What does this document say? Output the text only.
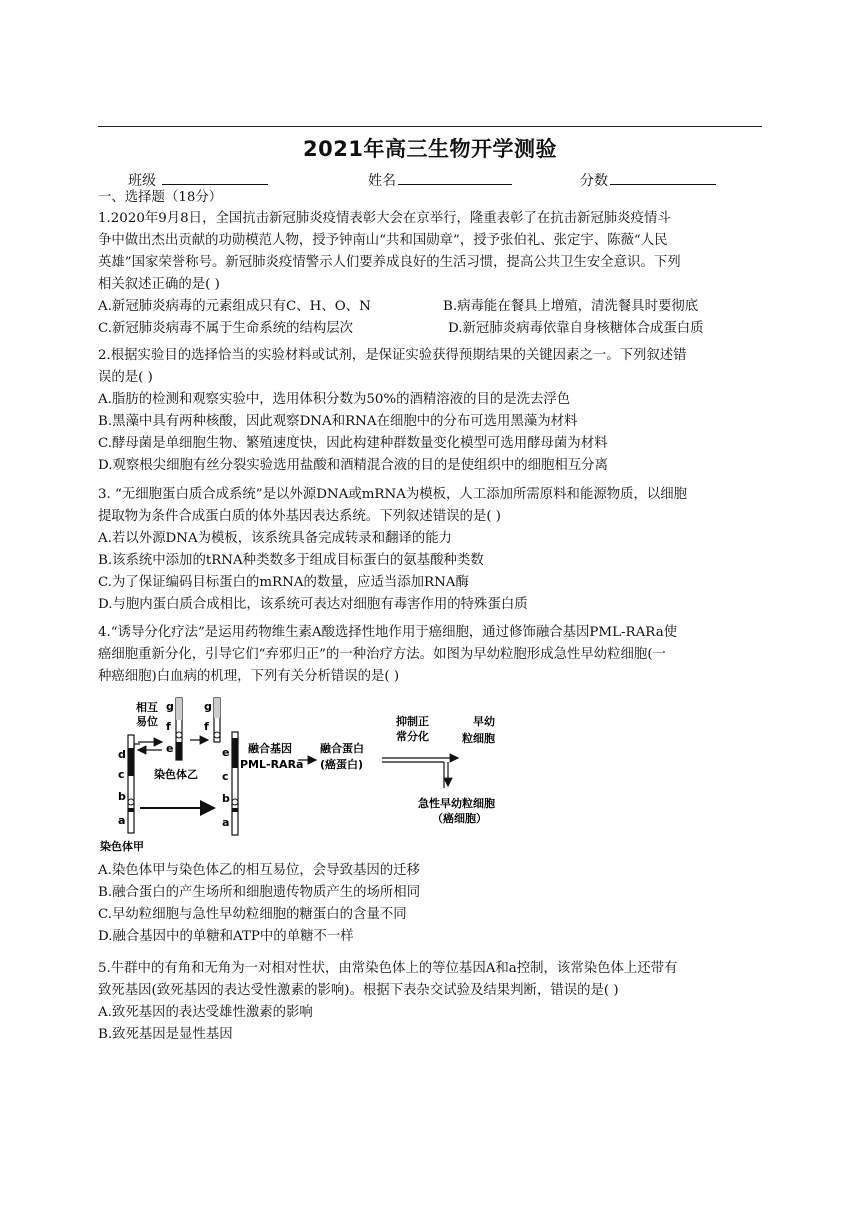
2021年高三生物开学测验
班级	姓名	分数
一、选择题（18分）
1.2020年9月8日，全国抗击新冠肺炎疫情表彰大会在京举行，隆重表彰了在抗击新冠肺炎疫情斗
争中做出杰出贡献的功勋模范人物，授予钟南山“共和国勋章”，授予张伯礼、张定宇、陈薇“人民
英雄”国家荣誉称号。新冠肺炎疫情警示人们要养成良好的生活习惯，提高公共卫生安全意识。下列
相关叙述正确的是( )
A.新冠肺炎病毒的元素组成只有C、H、O、N	B.病毒能在餐具上增殖，清洗餐具时要彻底
C.新冠肺炎病毒不属于生命系统的结构层次	D.新冠肺炎病毒依靠自身核糖体合成蛋白质
2.根据实验目的选择恰当的实验材料或试剂，是保证实验获得预期结果的关键因素之一。下列叙述错
误的是( )
A.脂肪的检测和观察实验中，选用体积分数为50%的酒精溶液的目的是洗去浮色
B.黑藻中具有两种核酸，因此观察DNA和RNA在细胞中的分布可选用黑藻为材料
C.酵母菌是单细胞生物、繁殖速度快，因此构建种群数量变化模型可选用酵母菌为材料
D.观察根尖细胞有丝分裂实验选用盐酸和酒精混合液的目的是使组织中的细胞相互分离
3. “无细胞蛋白质合成系统”是以外源DNA或mRNA为模板，人工添加所需原料和能源物质，以细胞
提取物为条件合成蛋白质的体外基因表达系统。下列叙述错误的是( )
A.若以外源DNA为模板，该系统具备完成转录和翻译的能力
B.该系统中添加的tRNA种类数多于组成目标蛋白的氨基酸种类数
C.为了保证编码目标蛋白的mRNA的数量，应适当添加RNA酶
D.与胞内蛋白质合成相比，该系统可表达对细胞有毒害作用的特殊蛋白质
4.“诱导分化疗法”是运用药物维生素A酸选择性地作用于癌细胞，通过修饰融合基因PML-RARa使
癌细胞重新分化，引导它们“弃邪归正”的一种治疗方法。如图为早幼粒胞形成急性早幼粒细胞(一
种癌细胞)白血病的机理，下列有关分析错误的是( )
d
c
b
a
染色体甲
相互
易位
g
f
e
染色体乙
g
f
e
c
b
a
融合基因
PML-RARa
融合蛋白
(癌蛋白)
抑制正
常分化
早幼
粒细胞
急性早幼粒细胞
（癌细胞）
A.染色体甲与染色体乙的相互易位，会导致基因的迁移
B.融合蛋白的产生场所和细胞遗传物质产生的场所相同
C.早幼粒细胞与急性早幼粒细胞的糖蛋白的含量不同
D.融合基因中的单糖和ATP中的单糖不一样
5.牛群中的有角和无角为一对相对性状，由常染色体上的等位基因A和a控制，该常染色体上还带有
致死基因(致死基因的表达受性激素的影响)。根据下表杂交试验及结果判断，错误的是( )
A.致死基因的表达受雄性激素的影响
B.致死基因是显性基因
